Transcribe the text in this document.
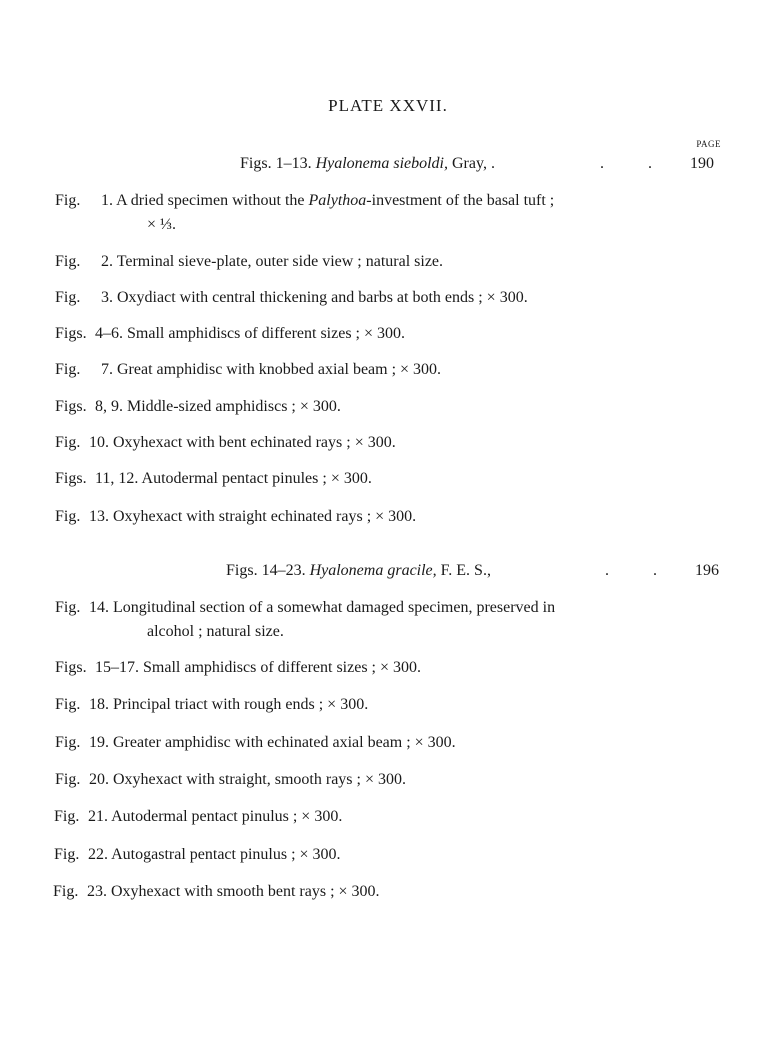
PLATE XXVII.
PAGE
Figs. 1–13. Hyalonema sieboldi, Gray, .	. . 190
Fig. 1. A dried specimen without the Palythoa-investment of the basal tuft ;
× ⅓.
Fig. 2. Terminal sieve-plate, outer side view ; natural size.
Fig. 3. Oxydiact with central thickening and barbs at both ends ; × 300.
Figs. 4–6. Small amphidiscs of different sizes ; × 300.
Fig. 7. Great amphidisc with knobbed axial beam ; × 300.
Figs. 8, 9. Middle-sized amphidiscs ; × 300.
Fig. 10. Oxyhexact with bent echinated rays ; × 300.
Figs. 11, 12. Autodermal pentact pinules ; × 300.
Fig. 13. Oxyhexact with straight echinated rays ; × 300.
Figs. 14–23. Hyalonema gracile, F. E. S.,	. . 196
Fig. 14. Longitudinal section of a somewhat damaged specimen, preserved in
alcohol ; natural size.
Figs. 15–17. Small amphidiscs of different sizes ; × 300.
Fig. 18. Principal triact with rough ends ; × 300.
Fig. 19. Greater amphidisc with echinated axial beam ; × 300.
Fig. 20. Oxyhexact with straight, smooth rays ; × 300.
Fig. 21. Autodermal pentact pinulus ; × 300.
Fig. 22. Autogastral pentact pinulus ; × 300.
Fig. 23. Oxyhexact with smooth bent rays ; × 300.
